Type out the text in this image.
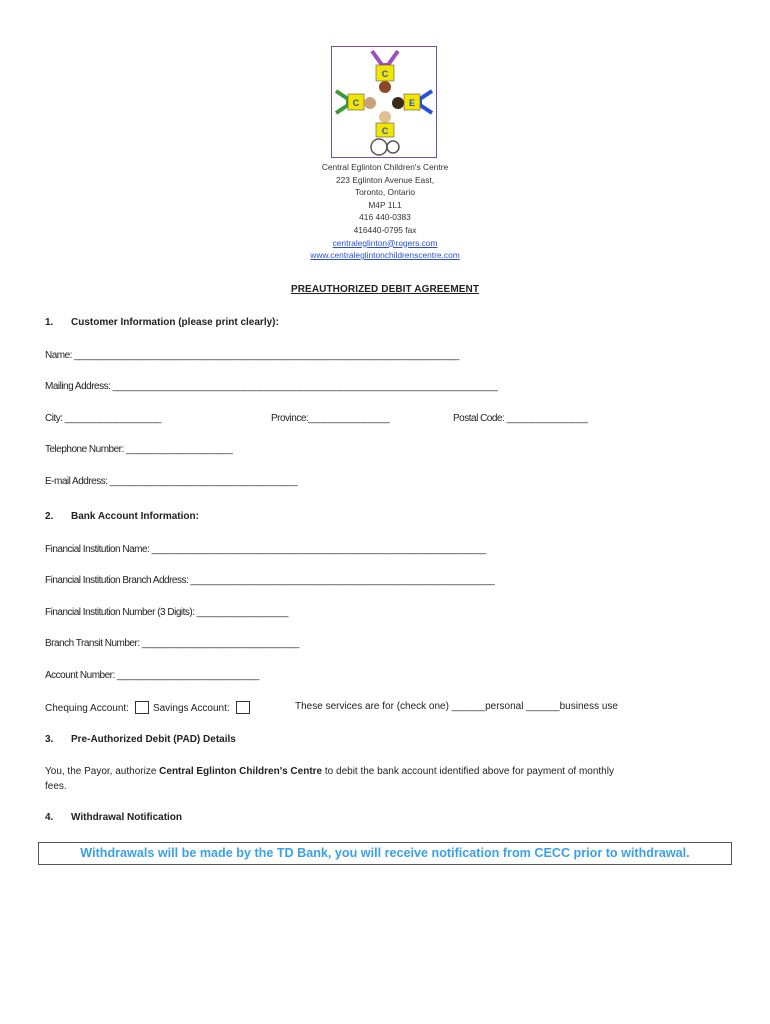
C
C	E
C
Central Eglinton Children's Centre
223 Eglinton Avenue East,
Toronto, Ontario
M4P 1L1
416 440-0383
416440-0795 fax
centraleglinton@rogers.com
www.centraleglintonchildrenscentre.com
PREAUTHORIZED DEBIT AGREEMENT
1. Customer Information (please print clearly):
Name: ____________________________________________________________________________
Mailing Address: ____________________________________________________________________________
City: ___________________	Province:________________	Postal Code: ________________
Telephone Number: _____________________
E-mail Address: _____________________________________
2. Bank Account Information:
Financial Institution Name: __________________________________________________________________
Financial Institution Branch Address: ____________________________________________________________
Financial Institution Number (3 Digits): __________________
Branch Transit Number: _______________________________
Account Number: ____________________________
Chequing Account: Savings Account:	These services are for (check one) ______personal ______business use
3. Pre-Authorized Debit (PAD) Details
You, the Payor, authorize Central Eglinton Children's Centre to debit the bank account identified above for payment of monthly
fees.
4. Withdrawal Notification
Withdrawals will be made by the TD Bank, you will receive notification from CECC prior to withdrawal.
